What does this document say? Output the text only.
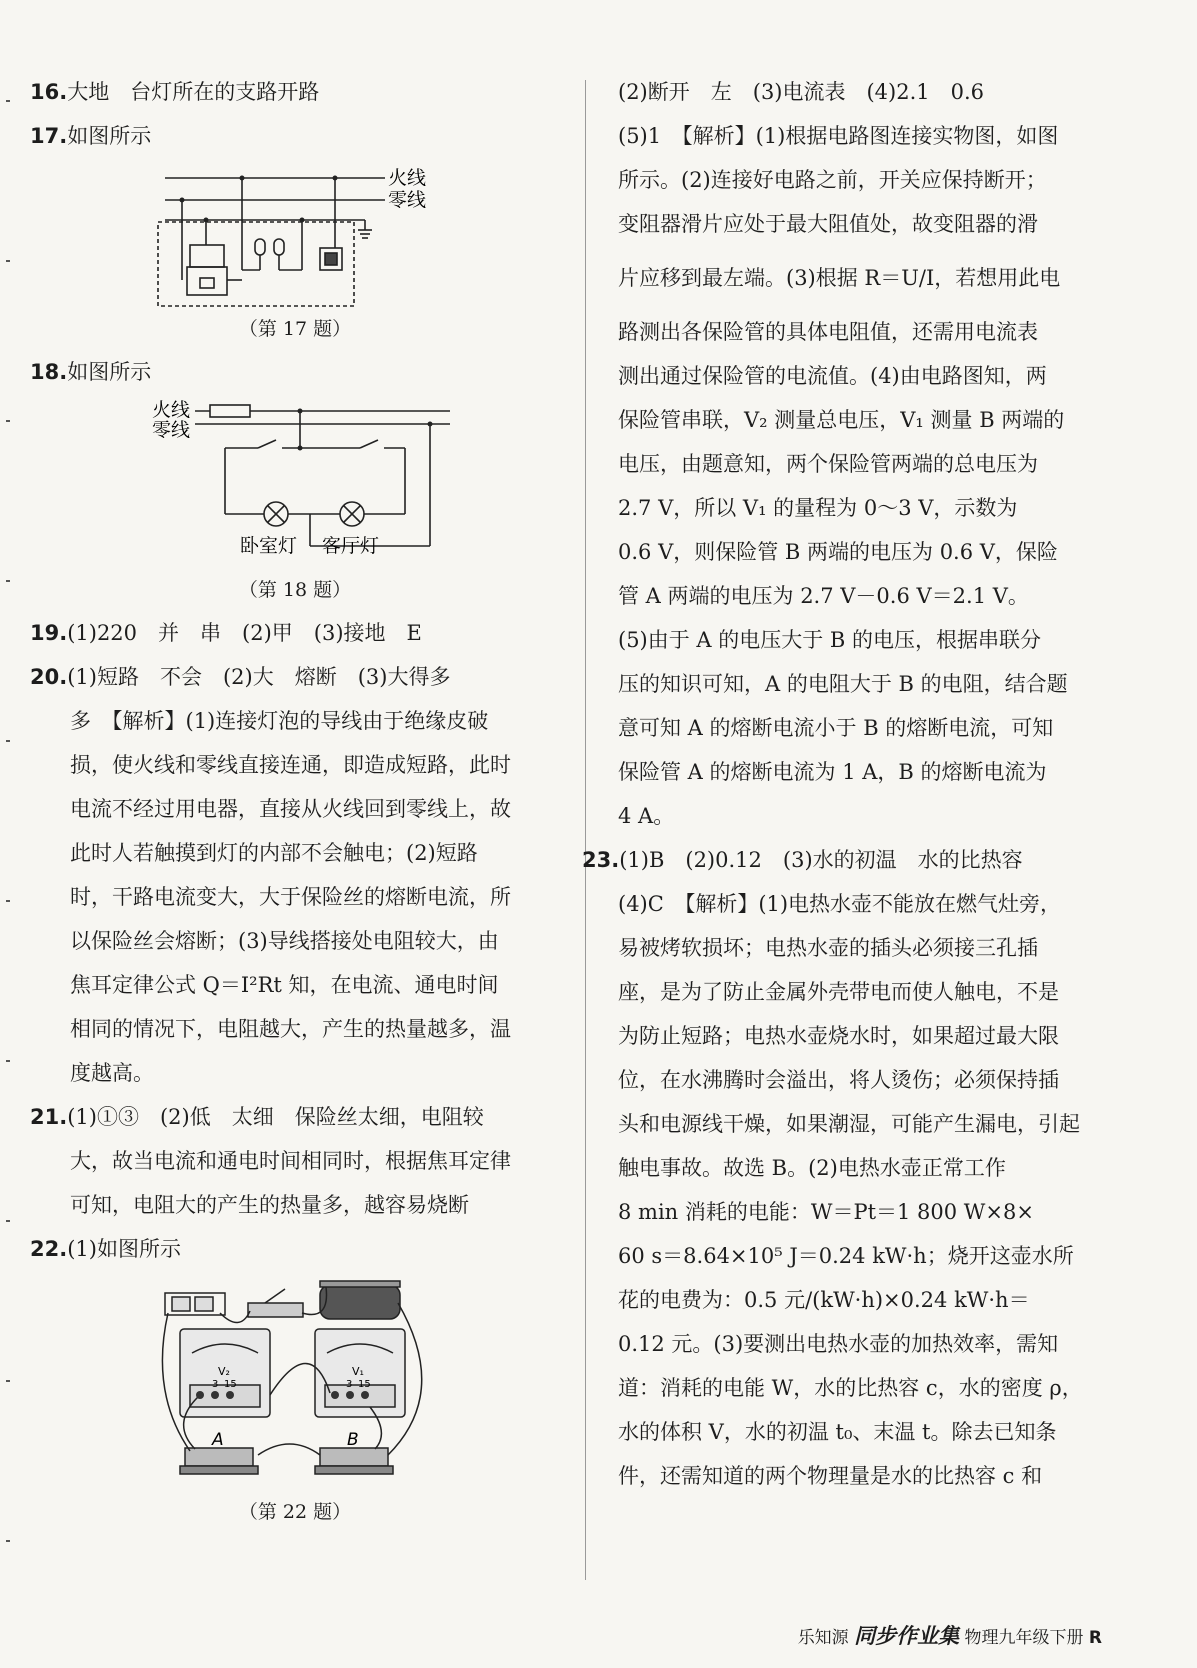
16.大地　台灯所在的支路开路
17.如图所示
火线
零线
（第 17 题）
18.如图所示
火线
零线
卧室灯 客厅灯
（第 18 题）
19.(1)220　并　串　(2)甲　(3)接地　E
20.(1)短路　不会　(2)大　熔断　(3)大得多
多　【解析】(1)连接灯泡的导线由于绝缘皮破
损，使火线和零线直接连通，即造成短路，此时
电流不经过用电器，直接从火线回到零线上，故
此时人若触摸到灯的内部不会触电；(2)短路
时，干路电流变大，大于保险丝的熔断电流，所
以保险丝会熔断；(3)导线搭接处电阻较大，由
焦耳定律公式 Q＝I²Rt 知，在电流、通电时间
相同的情况下，电阻越大，产生的热量越多，温
度越高。
21.(1)①③　(2)低　太细　保险丝太细，电阻较
大，故当电流和通电时间相同时，根据焦耳定律
可知，电阻大的产生的热量多，越容易烧断
22.(1)如图所示
V₂	V₁
3 15	3 15
A	B
（第 22 题）
(2)断开　左　(3)电流表　(4)2.1　0.6
(5)1　【解析】(1)根据电路图连接实物图，如图
所示。(2)连接好电路之前，开关应保持断开；
变阻器滑片应处于最大阻值处，故变阻器的滑
片应移到最左端。(3)根据 R＝U/I，若想用此电
路测出各保险管的具体电阻值，还需用电流表
测出通过保险管的电流值。(4)由电路图知，两
保险管串联，V₂ 测量总电压，V₁ 测量 B 两端的
电压，由题意知，两个保险管两端的总电压为
2.7 V，所以 V₁ 的量程为 0～3 V，示数为
0.6 V，则保险管 B 两端的电压为 0.6 V，保险
管 A 两端的电压为 2.7 V－0.6 V＝2.1 V。
(5)由于 A 的电压大于 B 的电压，根据串联分
压的知识可知，A 的电阻大于 B 的电阻，结合题
意可知 A 的熔断电流小于 B 的熔断电流，可知
保险管 A 的熔断电流为 1 A，B 的熔断电流为
4 A。
23.(1)B　(2)0.12　(3)水的初温　水的比热容
(4)C　【解析】(1)电热水壶不能放在燃气灶旁，
易被烤软损坏；电热水壶的插头必须接三孔插
座，是为了防止金属外壳带电而使人触电，不是
为防止短路；电热水壶烧水时，如果超过最大限
位，在水沸腾时会溢出，将人烫伤；必须保持插
头和电源线干燥，如果潮湿，可能产生漏电，引起
触电事故。故选 B。(2)电热水壶正常工作
8 min 消耗的电能：W＝Pt＝1 800 W×8×
60 s＝8.64×10⁵ J＝0.24 kW·h；烧开这壶水所
花的电费为：0.5 元/(kW·h)×0.24 kW·h＝
0.12 元。(3)要测出电热水壶的加热效率，需知
道：消耗的电能 W，水的比热容 c，水的密度 ρ，
水的体积 V，水的初温 t₀、末温 t。除去已知条
件，还需知道的两个物理量是水的比热容 c 和
乐知源 同步作业集 物理九年级下册 R
